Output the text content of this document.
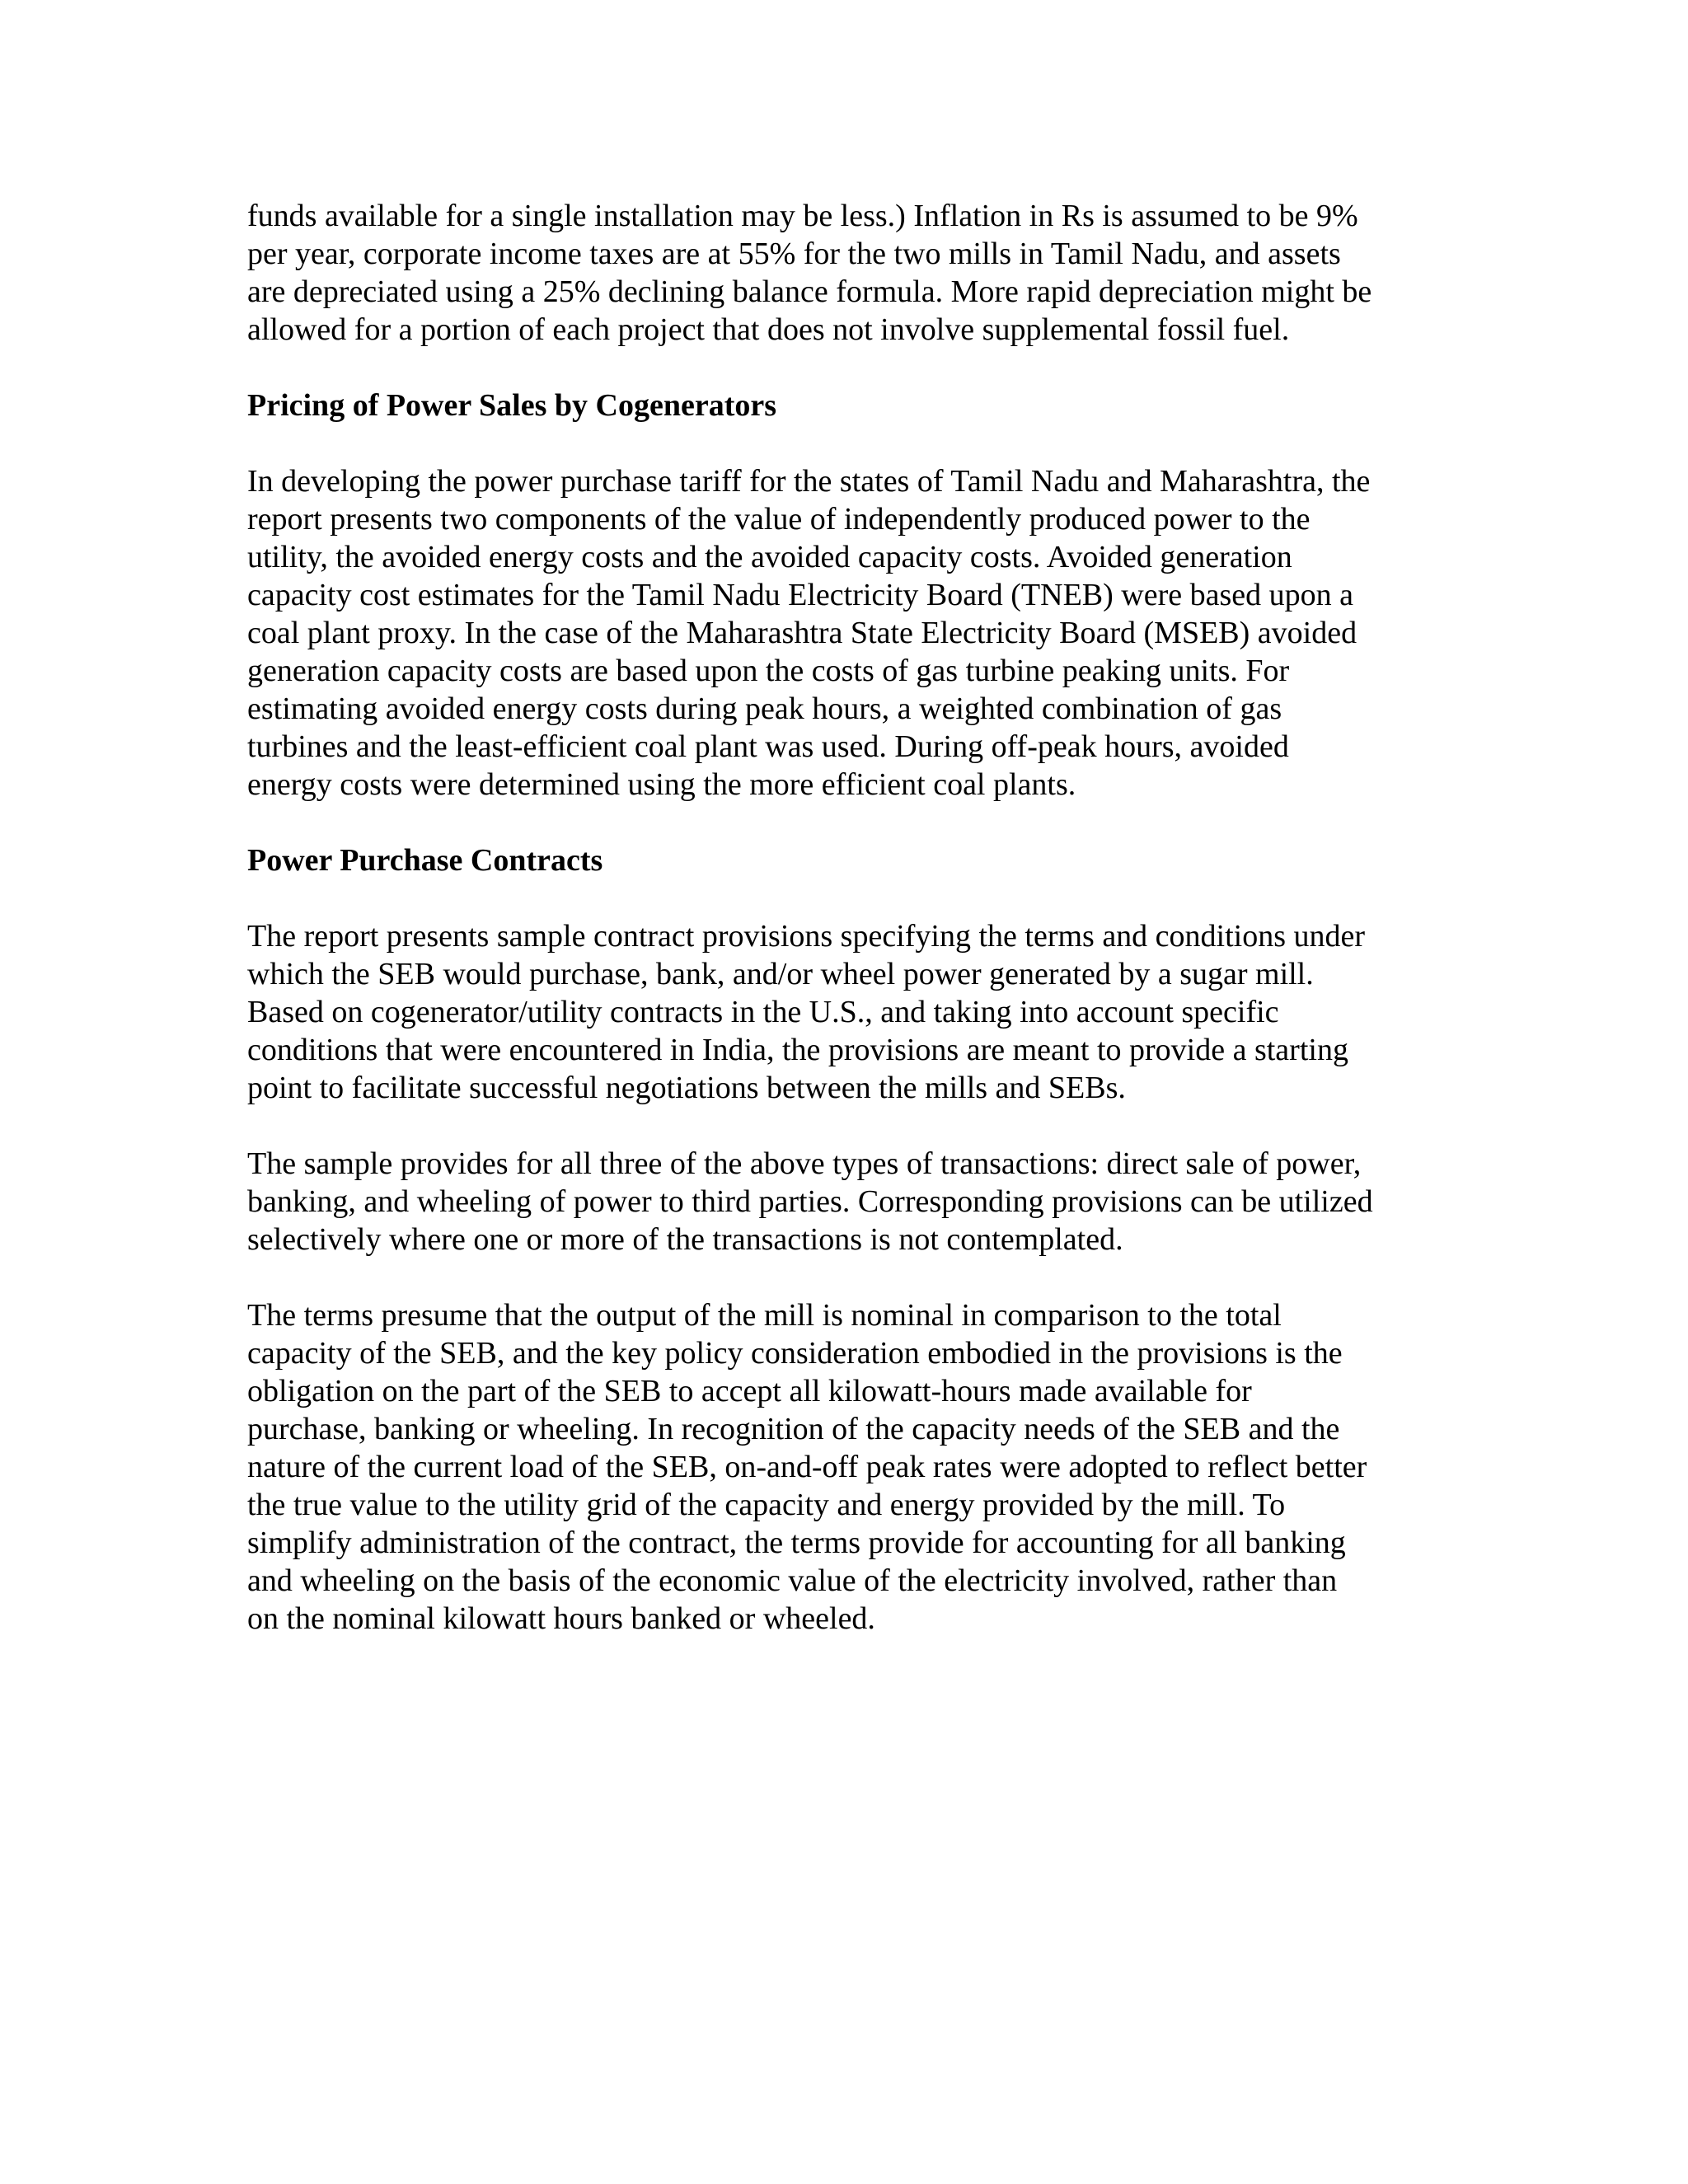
funds available for a single installation may be less.) Inflation in Rs is assumed to be 9%

per year, corporate income taxes are at 55% for the two mills in Tamil Nadu, and assets

are depreciated using a 25% declining balance formula. More rapid depreciation might be

allowed for a portion of each project that does not involve supplemental fossil fuel.

Pricing of Power Sales by Cogenerators

In developing the power purchase tariff for the states of Tamil Nadu and Maharashtra, the

report presents two components of the value of independently produced power to the

utility, the avoided energy costs and the avoided capacity costs. Avoided generation

capacity cost estimates for the Tamil Nadu Electricity Board (TNEB) were based upon a

coal plant proxy. In the case of the Maharashtra State Electricity Board (MSEB) avoided

generation capacity costs are based upon the costs of gas turbine peaking units. For

estimating avoided energy costs during peak hours, a weighted combination of gas

turbines and the least-efficient coal plant was used. During off-peak hours, avoided

energy costs were determined using the more efficient coal plants.

Power Purchase Contracts

The report presents sample contract provisions specifying the terms and conditions under

which the SEB would purchase, bank, and/or wheel power generated by a sugar mill.

Based on cogenerator/utility contracts in the U.S., and taking into account specific

conditions that were encountered in India, the provisions are meant to provide a starting

point to facilitate successful negotiations between the mills and SEBs.

The sample provides for all three of the above types of transactions: direct sale of power,

banking, and wheeling of power to third parties. Corresponding provisions can be utilized

selectively where one or more of the transactions is not contemplated.

The terms presume that the output of the mill is nominal in comparison to the total

capacity of the SEB, and the key policy consideration embodied in the provisions is the

obligation on the part of the SEB to accept all kilowatt-hours made available for

purchase, banking or wheeling. In recognition of the capacity needs of the SEB and the

nature of the current load of the SEB, on-and-off peak rates were adopted to reflect better

the true value to the utility grid of the capacity and energy provided by the mill. To

simplify administration of the contract, the terms provide for accounting for all banking

and wheeling on the basis of the economic value of the electricity involved, rather than

on the nominal kilowatt hours banked or wheeled.
